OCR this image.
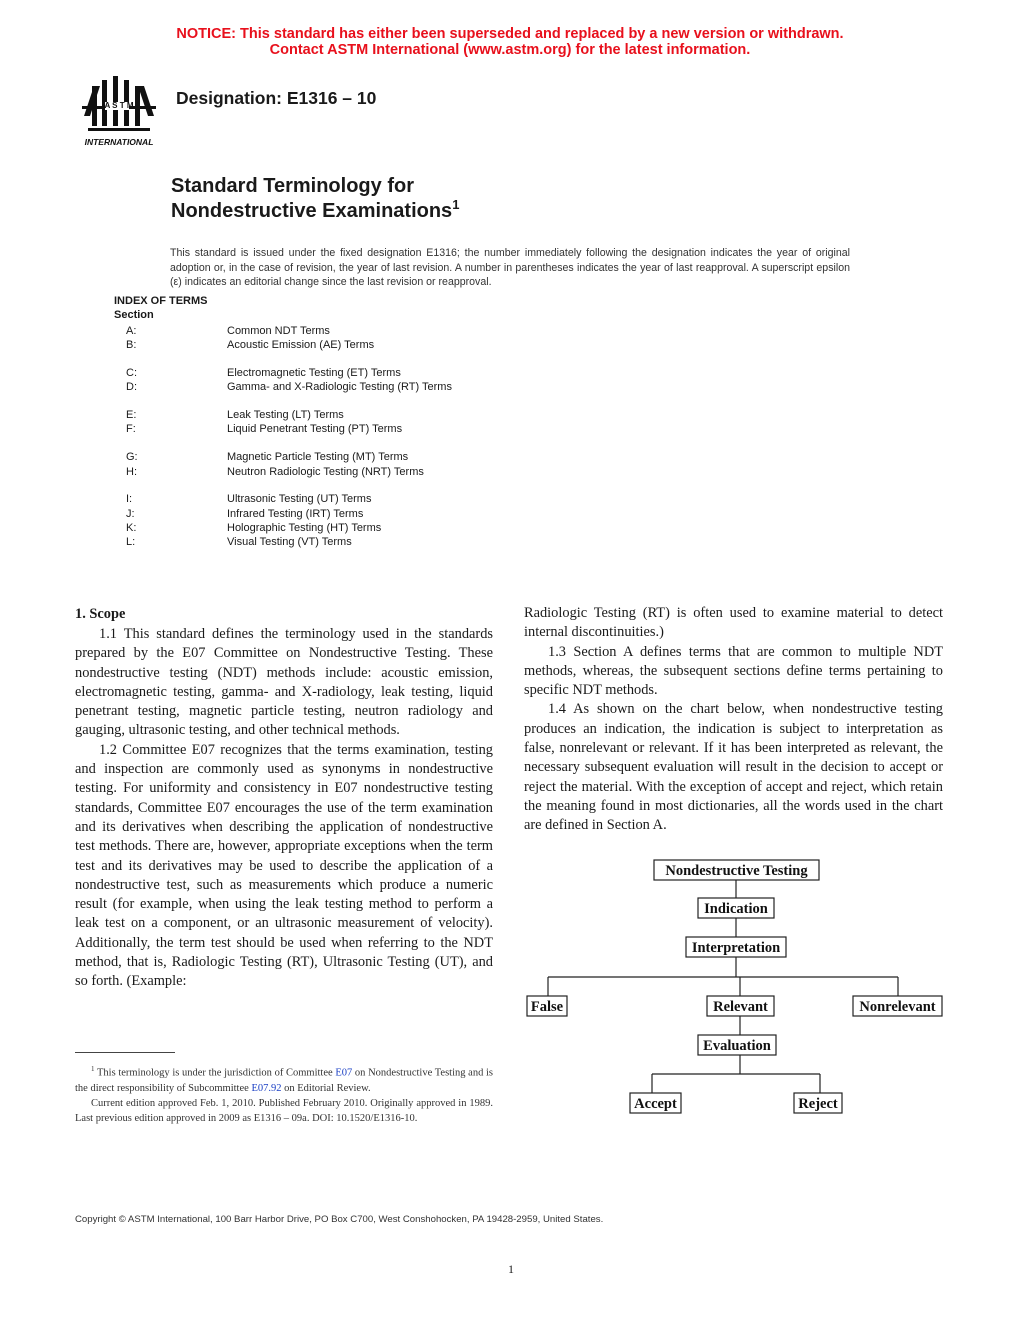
NOTICE: This standard has either been superseded and replaced by a new version or withdrawn.
Contact ASTM International (www.astm.org) for the latest information.
A S T M
INTERNATIONAL
Designation: E1316 – 10
Standard Terminology for
Nondestructive Examinations$^1$
This standard is issued under the fixed designation E1316; the number immediately following the designation indicates the year of original adoption or, in the case of revision, the year of last revision. A number in parentheses indicates the year of last reapproval. A superscript epsilon (ε) indicates an editorial change since the last revision or reapproval.
INDEX OF TERMS
Section
A:	Common NDT Terms
B:	Acoustic Emission (AE) Terms
C:	Electromagnetic Testing (ET) Terms
D:	Gamma- and X-Radiologic Testing (RT) Terms
E:	Leak Testing (LT) Terms
F:	Liquid Penetrant Testing (PT) Terms
G:	Magnetic Particle Testing (MT) Terms
H:	Neutron Radiologic Testing (NRT) Terms
I:	Ultrasonic Testing (UT) Terms
J:	Infrared Testing (IRT) Terms
K:	Holographic Testing (HT) Terms
L:	Visual Testing (VT) Terms
1. Scope

1.1 This standard defines the terminology used in the standards prepared by the E07 Committee on Nondestructive Testing. These nondestructive testing (NDT) methods include: acoustic emission, electromagnetic testing, gamma- and X-radiology, leak testing, liquid penetrant testing, magnetic particle testing, neutron radiology and gauging, ultrasonic testing, and other technical methods.

1.2 Committee E07 recognizes that the terms examination, testing and inspection are commonly used as synonyms in nondestructive testing. For uniformity and consistency in E07 nondestructive testing standards, Committee E07 encourages the use of the term examination and its derivatives when describing the application of nondestructive test methods. There are, however, appropriate exceptions when the term test and its derivatives may be used to describe the application of a nondestructive test, such as measurements which produce a numeric result (for example, when using the leak testing method to perform a leak test on a component, or an ultrasonic measurement of velocity). Additionally, the term test should be used when referring to the NDT method, that is, Radiologic Testing (RT), Ultrasonic Testing (UT), and so forth. (Example:

Radiologic Testing (RT) is often used to examine material to detect internal discontinuities.)

1.3 Section A defines terms that are common to multiple NDT methods, whereas, the subsequent sections define terms pertaining to specific NDT methods.

1.4 As shown on the chart below, when nondestructive testing produces an indication, the indication is subject to interpretation as false, nonrelevant or relevant. If it has been interpreted as relevant, the necessary subsequent evaluation will result in the decision to accept or reject the material. With the exception of accept and reject, which retain the meaning found in most dictionaries, all the words used in the chart are defined in Section A.

Nondestructive Testing
Indication
Interpretation
False	Relevant	Nonrelevant
Evaluation
Accept	Reject

$^1$ This terminology is under the jurisdiction of Committee E07 on Nondestructive Testing and is the direct responsibility of Subcommittee E07.92 on Editorial Review.

Current edition approved Feb. 1, 2010. Published February 2010. Originally approved in 1989. Last previous edition approved in 2009 as E1316 – 09a. DOI: 10.1520/E1316-10.

Copyright © ASTM International, 100 Barr Harbor Drive, PO Box C700, West Conshohocken, PA 19428-2959, United States.
1
